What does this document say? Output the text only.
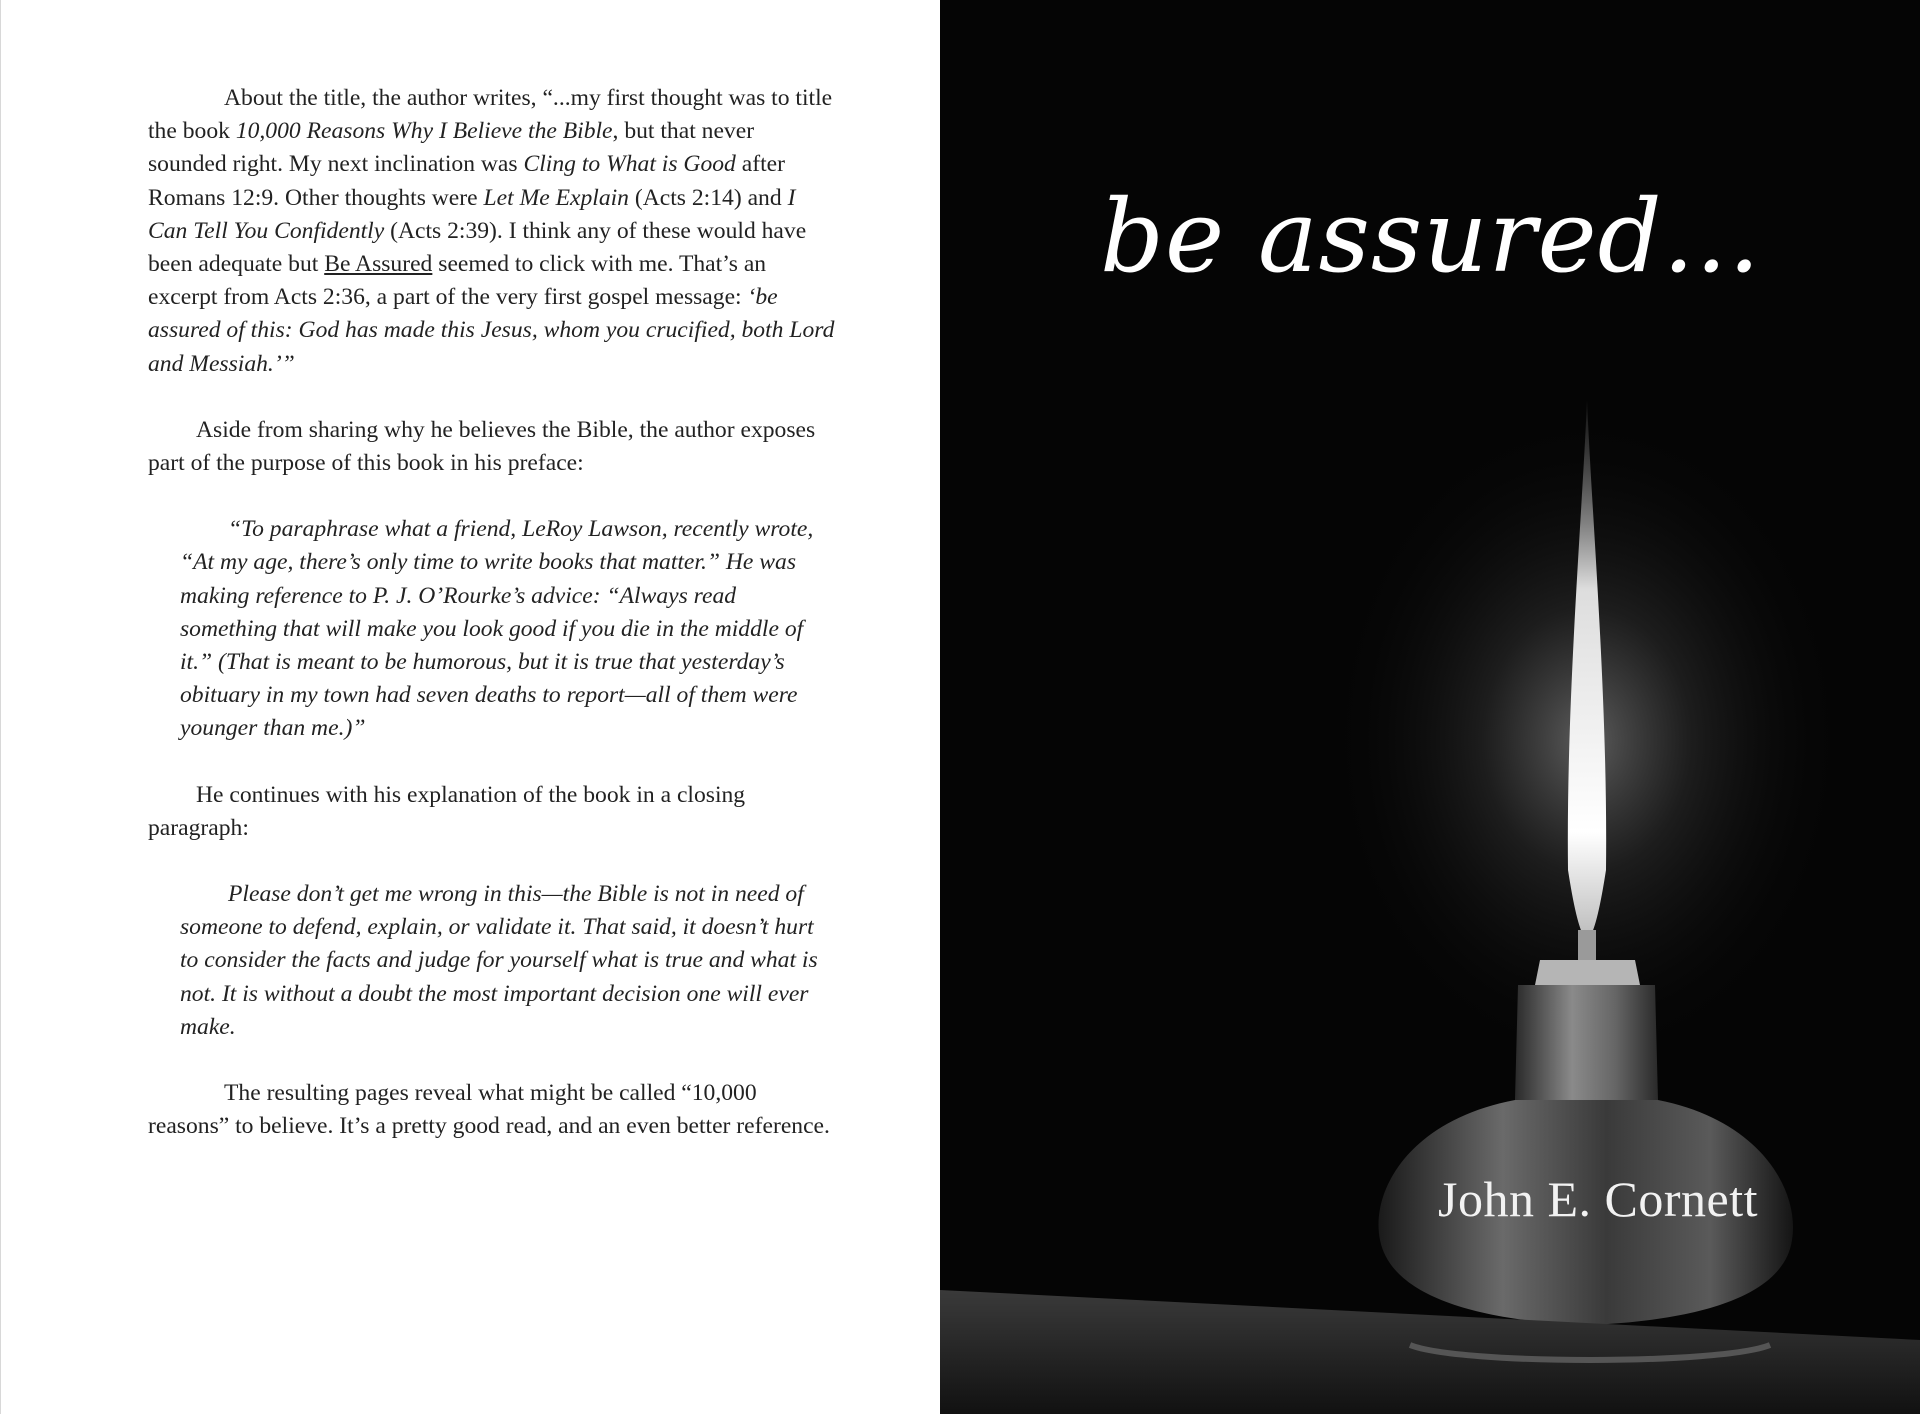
About the title, the author writes, “...my first thought was to title the book 10,000 Reasons Why I Believe the Bible, but that never sounded right. My next inclination was Cling to What is Good after Romans 12:9. Other thoughts were Let Me Explain (Acts 2:14) and I Can Tell You Confidently (Acts 2:39). I think any of these would have been adequate but Be Assured seemed to click with me. That’s an excerpt from Acts 2:36, a part of the very first gospel message: ‘be assured of this: God has made this Jesus, whom you crucified, both Lord and Messiah.’”

Aside from sharing why he believes the Bible, the author exposes part of the purpose of this book in his preface:

“To paraphrase what a friend, LeRoy Lawson, recently wrote, “At my age, there’s only time to write books that matter.” He was making reference to P. J. O’Rourke’s advice: “Always read something that will make you look good if you die in the middle of it.” (That is meant to be humorous, but it is true that yesterday’s obituary in my town had seven deaths to report—all of them were younger than me.)”

He continues with his explanation of the book in a closing paragraph:

Please don’t get me wrong in this—the Bible is not in need of someone to defend, explain, or validate it. That said, it doesn’t hurt to consider the facts and judge for yourself what is true and what is not. It is without a doubt the most important decision one will ever make.

The resulting pages reveal what might be called “10,000 reasons” to believe. It’s a pretty good read, and an even better reference.

be assured...
John E. Cornett
